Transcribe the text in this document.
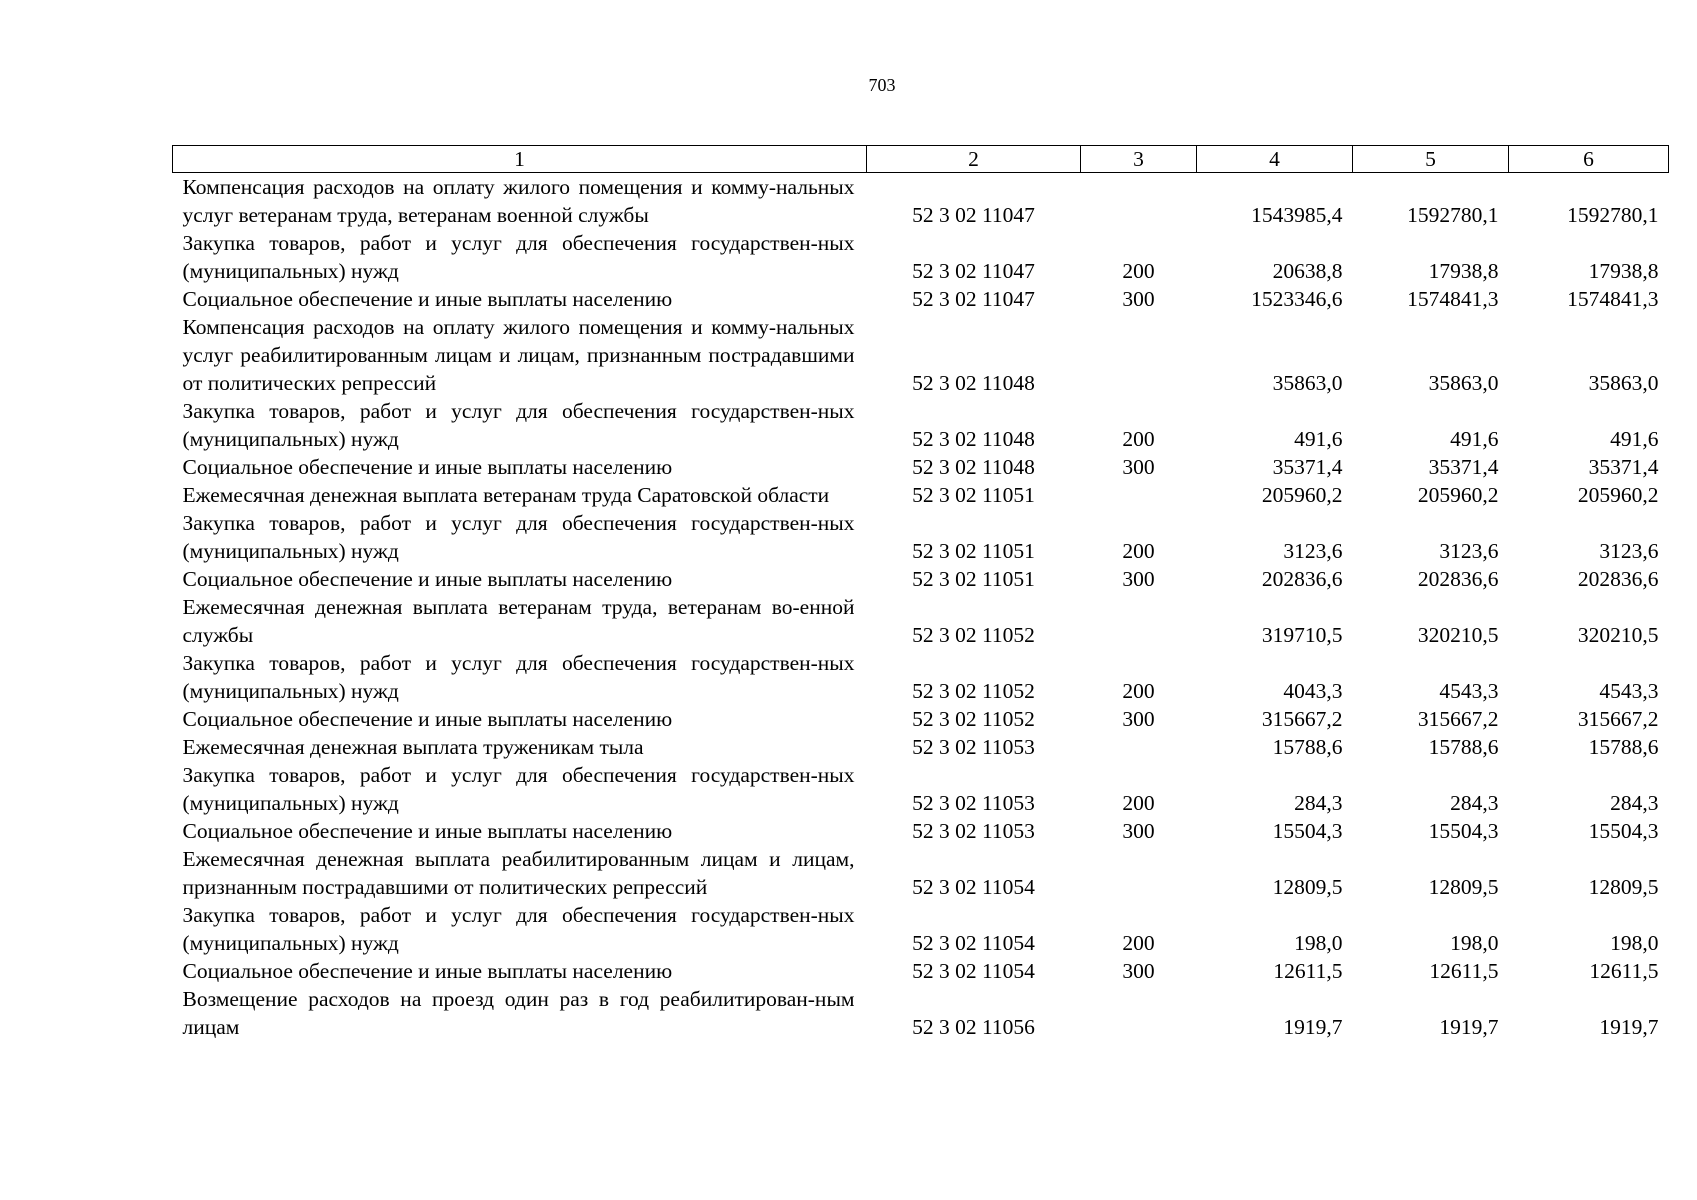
703
1	2	3	4	5	6
Компенсация расходов на оплату жилого помещения и комму-нальных услуг ветеранам труда, ветеранам военной службы	52 3 02 11047		1543985,4	1592780,1	1592780,1
Закупка товаров, работ и услуг для обеспечения государствен-ных (муниципальных) нужд	52 3 02 11047	200	20638,8	17938,8	17938,8
Социальное обеспечение и иные выплаты населению	52 3 02 11047	300	1523346,6	1574841,3	1574841,3
Компенсация расходов на оплату жилого помещения и комму-нальных услуг реабилитированным лицам и лицам, признанным пострадавшими от политических репрессий	52 3 02 11048		35863,0	35863,0	35863,0
Закупка товаров, работ и услуг для обеспечения государствен-ных (муниципальных) нужд	52 3 02 11048	200	491,6	491,6	491,6
Социальное обеспечение и иные выплаты населению	52 3 02 11048	300	35371,4	35371,4	35371,4
Ежемесячная денежная выплата ветеранам труда Саратовской области	52 3 02 11051		205960,2	205960,2	205960,2
Закупка товаров, работ и услуг для обеспечения государствен-ных (муниципальных) нужд	52 3 02 11051	200	3123,6	3123,6	3123,6
Социальное обеспечение и иные выплаты населению	52 3 02 11051	300	202836,6	202836,6	202836,6
Ежемесячная денежная выплата ветеранам труда, ветеранам во-енной службы	52 3 02 11052		319710,5	320210,5	320210,5
Закупка товаров, работ и услуг для обеспечения государствен-ных (муниципальных) нужд	52 3 02 11052	200	4043,3	4543,3	4543,3
Социальное обеспечение и иные выплаты населению	52 3 02 11052	300	315667,2	315667,2	315667,2
Ежемесячная денежная выплата труженикам тыла	52 3 02 11053		15788,6	15788,6	15788,6
Закупка товаров, работ и услуг для обеспечения государствен-ных (муниципальных) нужд	52 3 02 11053	200	284,3	284,3	284,3
Социальное обеспечение и иные выплаты населению	52 3 02 11053	300	15504,3	15504,3	15504,3
Ежемесячная денежная выплата реабилитированным лицам и лицам, признанным пострадавшими от политических репрессий	52 3 02 11054		12809,5	12809,5	12809,5
Закупка товаров, работ и услуг для обеспечения государствен-ных (муниципальных) нужд	52 3 02 11054	200	198,0	198,0	198,0
Социальное обеспечение и иные выплаты населению	52 3 02 11054	300	12611,5	12611,5	12611,5
Возмещение расходов на проезд один раз в год реабилитирован-ным лицам	52 3 02 11056		1919,7	1919,7	1919,7
